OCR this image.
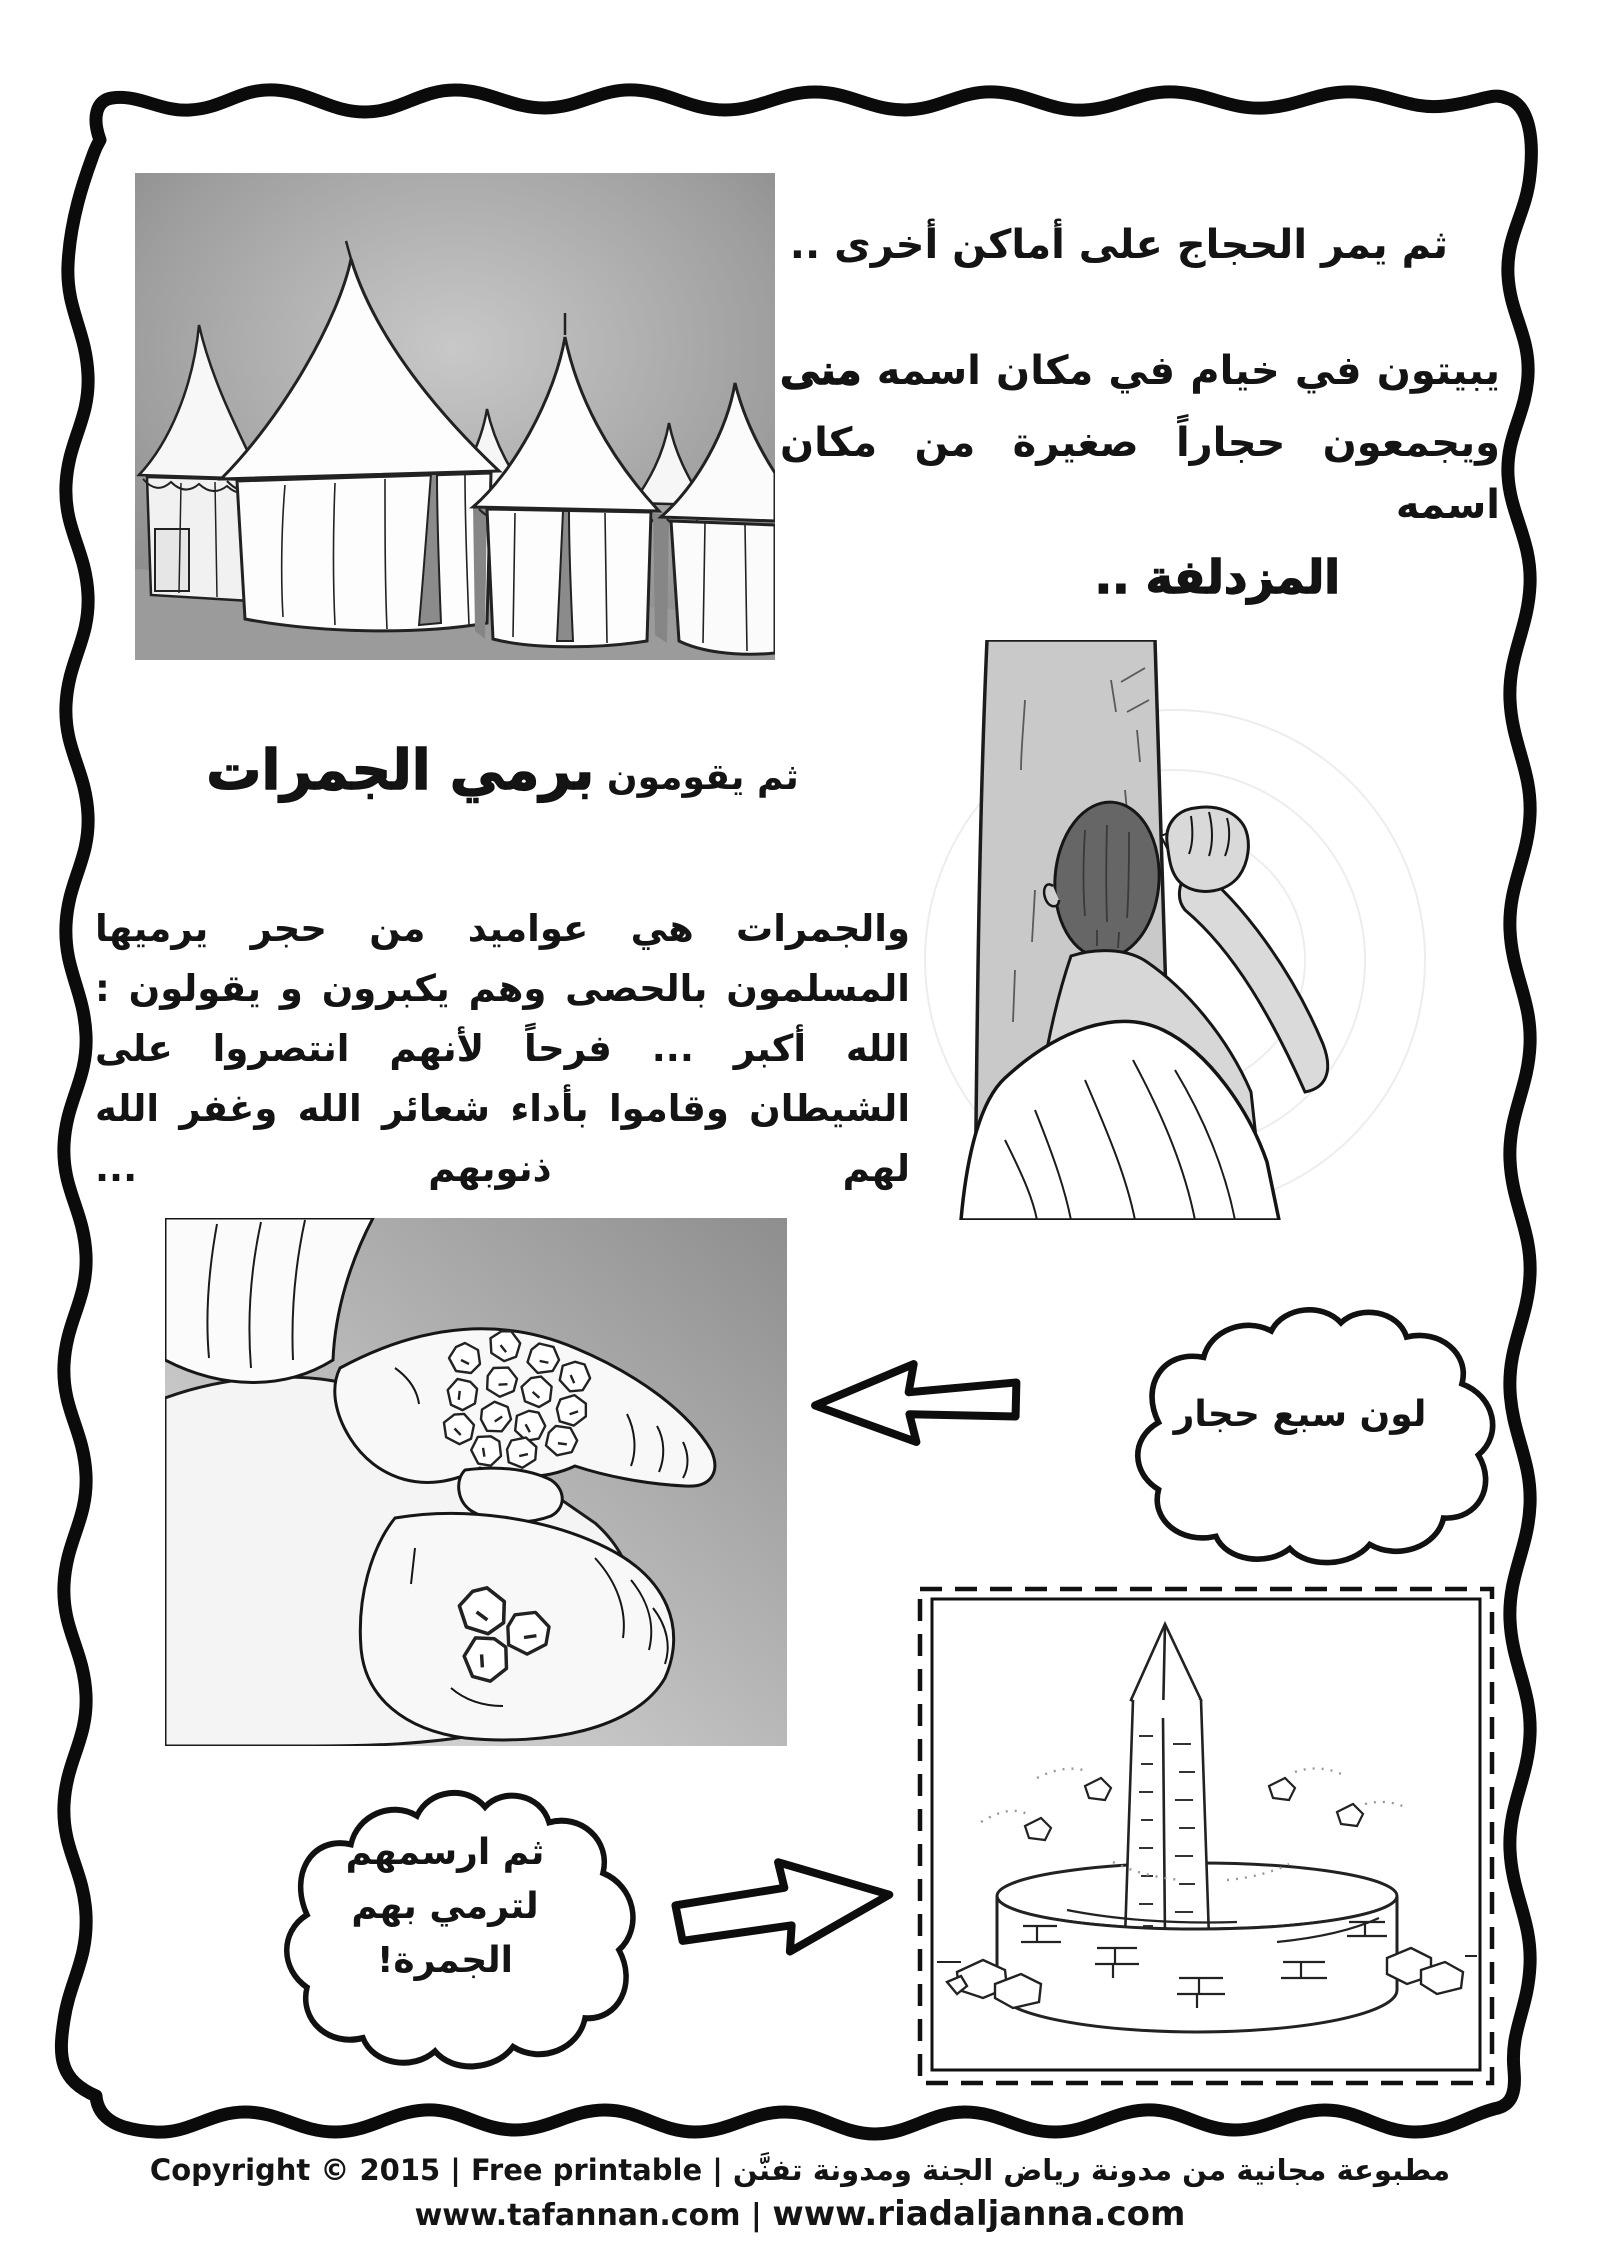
ثم يمر الحجاج على أماكن أخرى ..

يبيتون في خيام في مكان اسمه منى

ويجمعون حجاراً صغيرة من مكان اسمه

المزدلفة ..

ثم يقومون برمي الجمرات

والجمرات هي عواميد من حجر يرميها المسلمون بالحصى وهم يكبرون و يقولون : الله أكبر ... فرحاً لأنهم انتصروا على الشيطان وقاموا بأداء شعائر الله وغفر الله لهم ذنوبهم ...

لون سبع حجار
ثم ارسمهم
لترمي بهم
الجمرة!
Copyright © 2015 | Free printable | مطبوعة مجانية من مدونة رياض الجنة ومدونة تفنَّن
www.tafannan.com | www.riadaljanna.com
